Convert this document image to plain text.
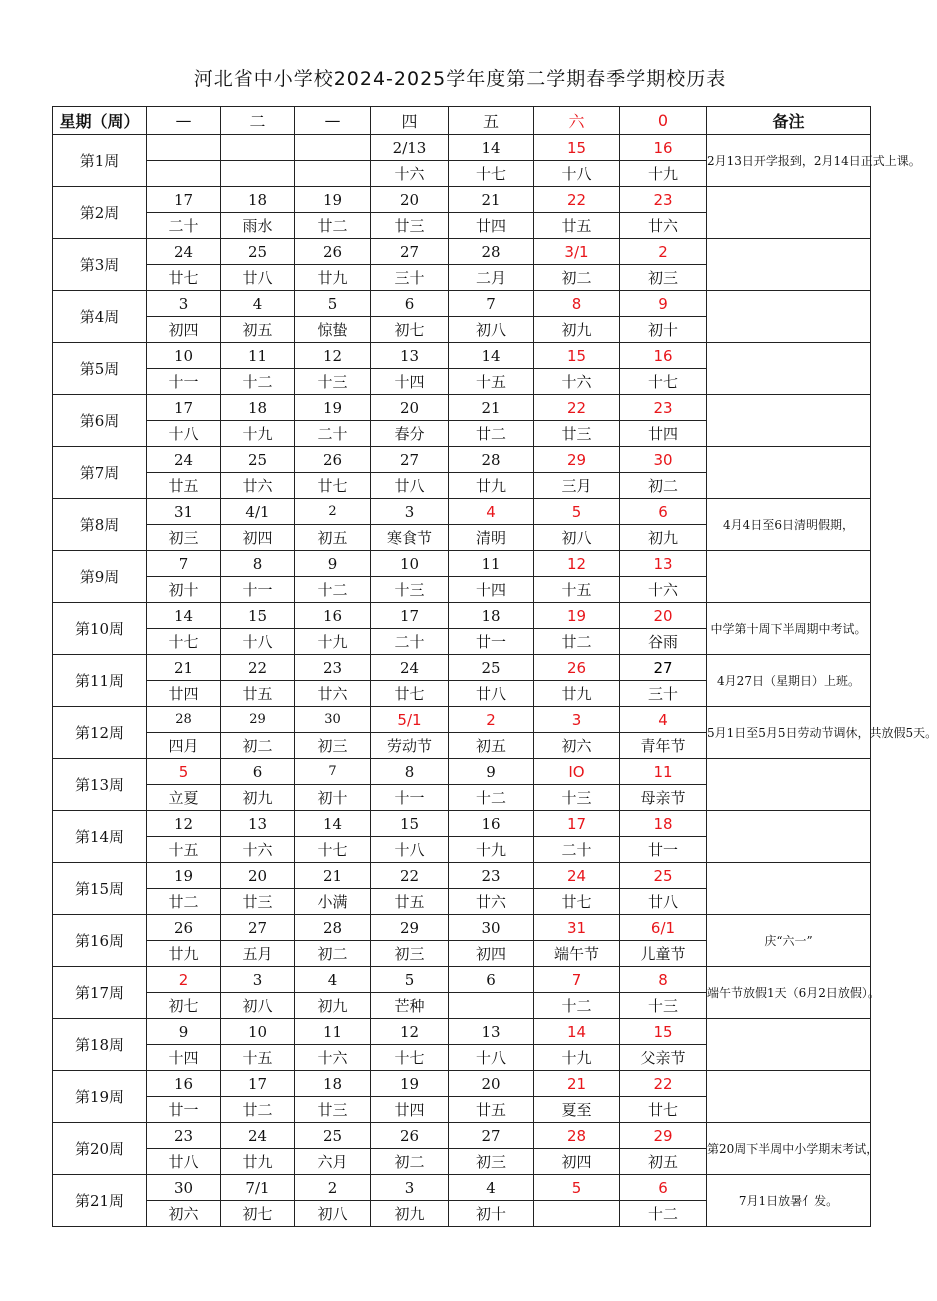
河北省中小学校2024-2025学年度第二学期春季学期校历表
星期（周）	—	二	—	四	五	六	0	备注
第1周				2/13	14	15	16	2月13日开学报到，2月14日正式上课。
				十六	十七	十八	十九	
第2周	17	18	19	20	21	22	23	
	二十	雨水	廿二	廿三	廿四	廿五	廿六	
第3周	24	25	26	27	28	3/1	2	
	廿七	廿八	廿九	三十	二月	初二	初三	
第4周	3	4	5	6	7	8	9	
	初四	初五	惊蛰	初七	初八	初九	初十	
第5周	10	11	12	13	14	15	16	
	十一	十二	十三	十四	十五	十六	十七	
第6周	17	18	19	20	21	22	23	
	十八	十九	二十	春分	廿二	廿三	廿四	
第7周	24	25	26	27	28	29	30	
	廿五	廿六	廿七	廿八	廿九	三月	初二	
第8周	31	4/1	2	3	4	5	6	4月4日至6日清明假期，
	初三	初四	初五	寒食节	清明	初八	初九	
第9周	7	8	9	10	11	12	13	
	初十	十一	十二	十三	十四	十五	十六	
第10周	14	15	16	17	18	19	20	中学第十周下半周期中考试。
	十七	十八	十九	二十	廿一	廿二	谷雨	
第11周	21	22	23	24	25	26	27	4月27日（星期日）上班。
	廿四	廿五	廿六	廿七	廿八	廿九	三十	
第12周	28	29	30	5/1	2	3	4	5月1日至5月5日劳动节调休，共放假5天。
	四月	初二	初三	劳动节	初五	初六	青年节	
第13周	5	6	7	8	9	IO	11	
	立夏	初九	初十	十一	十二	十三	母亲节	
第14周	12	13	14	15	16	17	18	
	十五	十六	十七	十八	十九	二十	廿一	
第15周	19	20	21	22	23	24	25	
	廿二	廿三	小满	廿五	廿六	廿七	廿八	
第16周	26	27	28	29	30	31	6/1	庆“六一”
	廿九	五月	初二	初三	初四	端午节	儿童节	
第17周	2	3	4	5	6	7	8	端午节放假1天（6月2日放假）。
	初七	初八	初九	芒种		十二	十三	
第18周	9	10	11	12	13	14	15	
	十四	十五	十六	十七	十八	十九	父亲节	
第19周	16	17	18	19	20	21	22	
	廿一	廿二	廿三	廿四	廿五	夏至	廿七	
第20周	23	24	25	26	27	28	29	第20周下半周中小学期末考试，
	廿八	廿九	六月	初二	初三	初四	初五	
第21周	30	7/1	2	3	4	5	6	7月1日放暑亻发。
	初六	初七	初八	初九	初十		十二	
